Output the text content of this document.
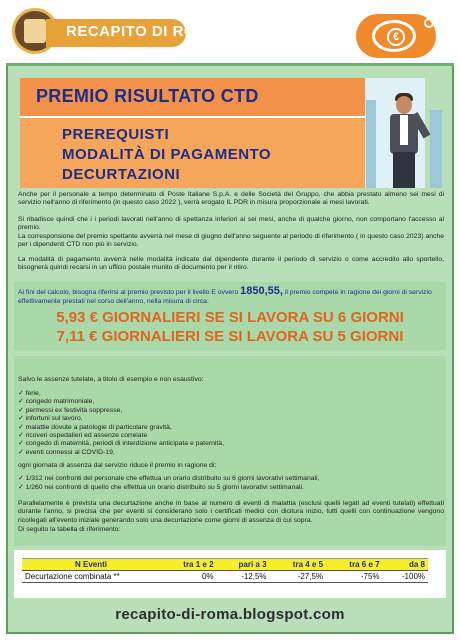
RECAPITO DI ROMA	€
PREMIO RISULTATO CTD
PREREQUISTI
MODALITÀ DI PAGAMENTO
DECURTAZIONI
Anche per il personale a tempo determinato di Poste Italiane S.p.A. e delle Società del Gruppo, che abbia prestato almeno sei mesi di servizio nell'anno di riferimento (in questo caso 2022 ), verrà erogato IL PDR in misura proporzionale ai mesi lavorati.
Si ribadisce quindi che i i periodi lavorati nell'anno di spettanza inferiori ai sei mesi, anche di qualche giorno, non comportano l'accesso al premio.
La corresponsione del premio spettante avverrà nel mese di giugno dell'anno seguente al periodo di riferimento ( in questo caso 2023) anche per i dipendenti CTD non più in servizio.
La modalità di pagamento avverrà nelle modalità indicate dal dipendente durante il periodo di servizio o come accredito allo sportello, bisognerà quindi recarsi in un ufficio postale munito di documento per il ritiro.
Ai fini del calcolo, bisogna riferirsi al premio previsto per il livello E ovvero 1850,55, il premio compete in ragione dei giorni di servizio effettivamente prestati nel corso dell'anno, nella misura di circa:
5,93 € GIORNALIERI SE SI LAVORA SU 6 GIORNI
7,11 € GIORNALIERI SE SI LAVORA SU 5 GIORNI
Salvo le assenze tutelate, a titolo di esempio e non esaustivo:
✓ ferie,
✓ congedo matrimoniale,
✓ permessi ex festività soppresse,
✓ infortuni sul lavoro,
✓ malattie dovute a patologie di particolare gravità,
✓ ricoveri ospedalieri ed assenze correlate
✓ congedo di maternità, periodi di interdizione anticipata e paternità,
✓ eventi connessi al COVID-19,
ogni giornata di assenza dal servizio riduce il premio in ragione di:
✓ 1/312 nei confronti del personale che effettua un orario distribuito su 6 giorni lavorativi settimanali,
✓ 1/260 nei confronti di quello che effettua un orario distribuito su 5 giorni lavorativi settimanali.
Parallelamente è prevista una decurtazione anche in base al numero di eventi di malattia (esclusi quelli legati ad eventi tutelati) effettuati durante l'anno, si precisa che per eventi si considerano solo i certificati medici con dicitura inizio, tutti quelli con continuazione vengono ricollegati all'evento iniziale generando solo una decurtazione come giorni di assenza di cui sopra.
Di seguito la tabella di riferimento:
N Eventi	tra 1 e 2	pari a 3	tra 4 e 5	tra 6 e 7	da 8
Decurtazione combinata **	0%	-12,5%	-27,5%	-75%	-100%
recapito-di-roma.blogspot.com
